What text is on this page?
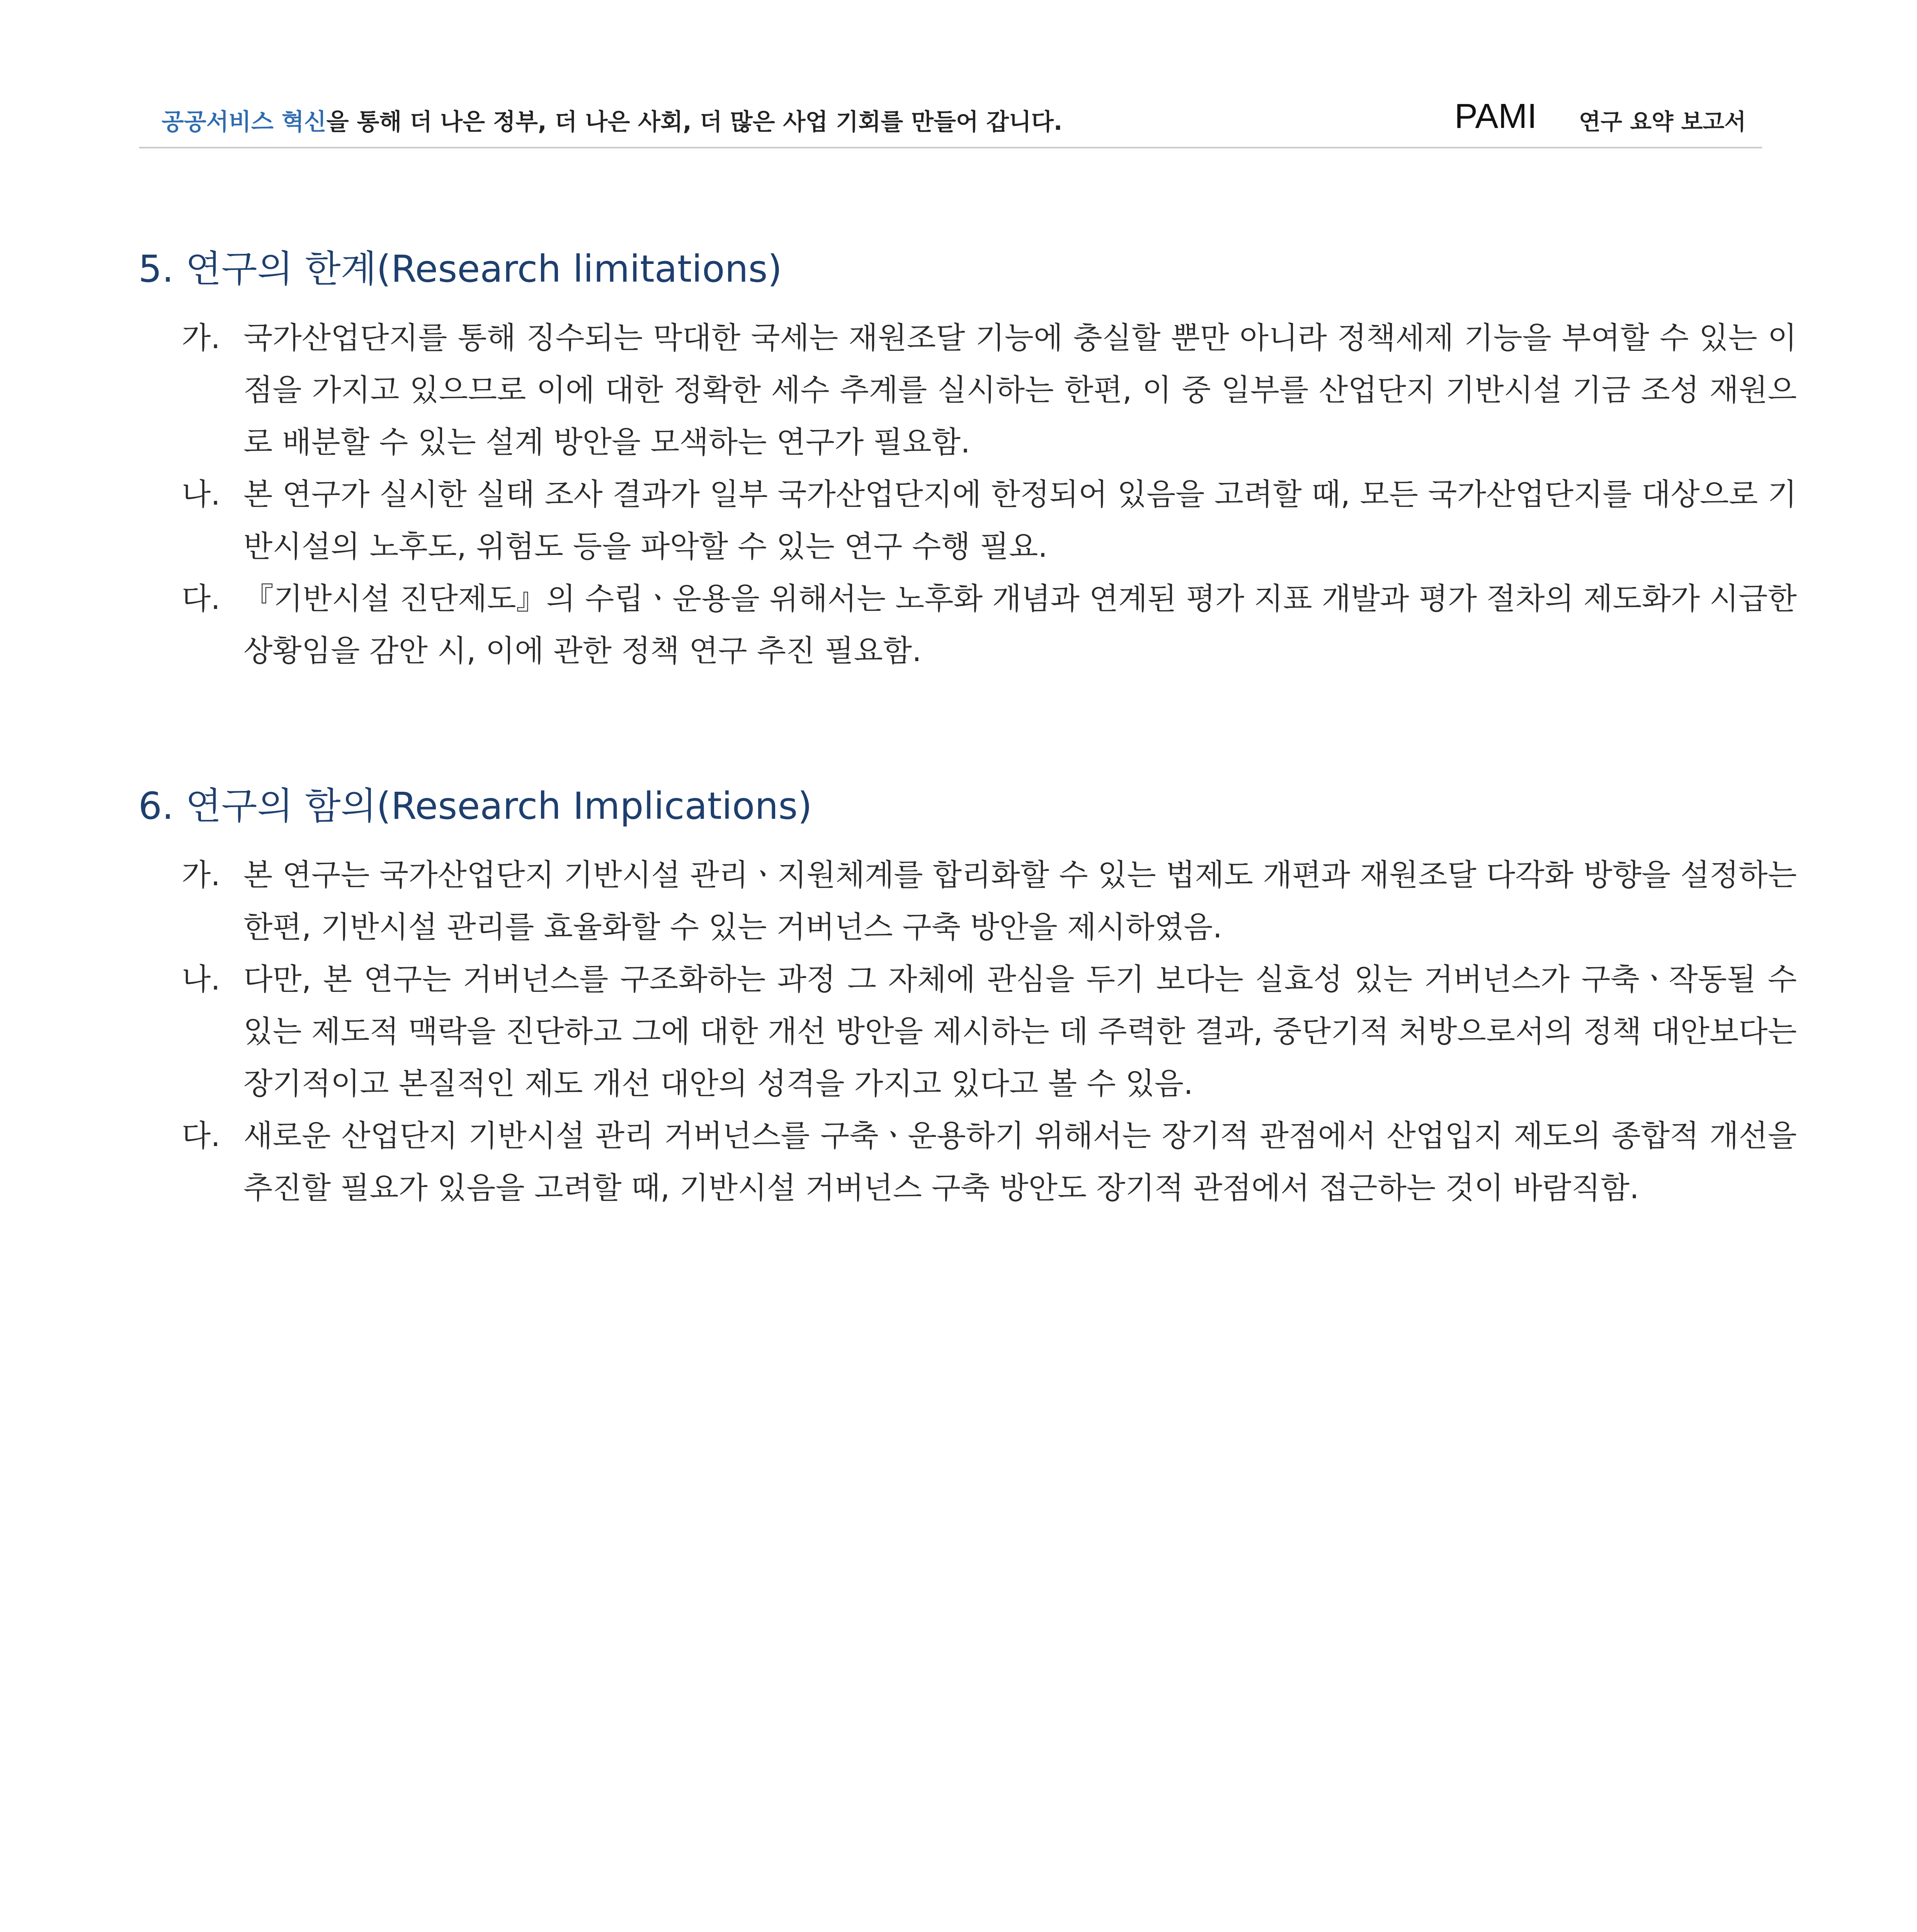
공공서비스 혁신을 통해 더 나은 정부, 더 나은 사회, 더 많은 사업 기회를 만들어 갑니다.	PAMI 연구 요약 보고서
5. 연구의 한계(Research limitations)
가. 국가산업단지를 통해 징수되는 막대한 국세는 재원조달 기능에 충실할 뿐만 아니라 정책세제 기능을 부여할 수 있는 이점을 가지고 있으므로 이에 대한 정확한 세수 추계를 실시하는 한편, 이 중 일부를 산업단지 기반시설 기금 조성 재원으로 배분할 수 있는 설계 방안을 모색하는 연구가 필요함.
나. 본 연구가 실시한 실태 조사 결과가 일부 국가산업단지에 한정되어 있음을 고려할 때, 모든 국가산업단지를 대상으로 기반시설의 노후도, 위험도 등을 파악할 수 있는 연구 수행 필요.
다. 『기반시설 진단제도』의 수립ㆍ운용을 위해서는 노후화 개념과 연계된 평가 지표 개발과 평가 절차의 제도화가 시급한 상황임을 감안 시, 이에 관한 정책 연구 추진 필요함.
6. 연구의 함의(Research Implications)
가. 본 연구는 국가산업단지 기반시설 관리ㆍ지원체계를 합리화할 수 있는 법제도 개편과 재원조달 다각화 방향을 설정하는 한편, 기반시설 관리를 효율화할 수 있는 거버넌스 구축 방안을 제시하였음.
나. 다만, 본 연구는 거버넌스를 구조화하는 과정 그 자체에 관심을 두기 보다는 실효성 있는 거버넌스가 구축ㆍ작동될 수 있는 제도적 맥락을 진단하고 그에 대한 개선 방안을 제시하는 데 주력한 결과, 중단기적 처방으로서의 정책 대안보다는 장기적이고 본질적인 제도 개선 대안의 성격을 가지고 있다고 볼 수 있음.
다. 새로운 산업단지 기반시설 관리 거버넌스를 구축ㆍ운용하기 위해서는 장기적 관점에서 산업입지 제도의 종합적 개선을 추진할 필요가 있음을 고려할 때, 기반시설 거버넌스 구축 방안도 장기적 관점에서 접근하는 것이 바람직함.
